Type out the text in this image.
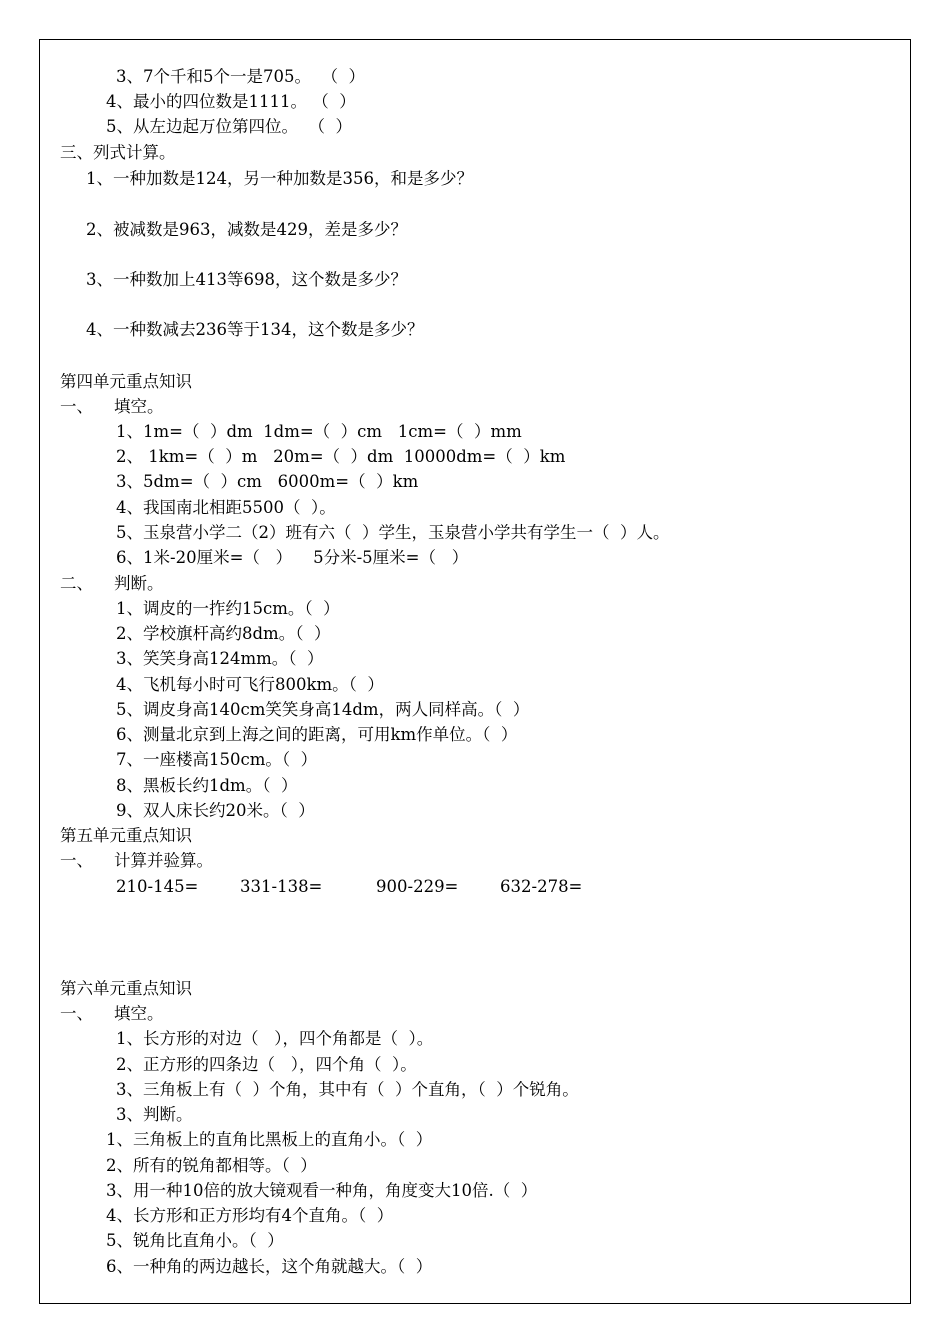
3、7个千和5个一是705。  （  ）
4、最小的四位数是1111。 （  ）
5、从左边起万位第四位。  （  ）
三、列式计算。
1、一种加数是124，另一种加数是356，和是多少？
2、被减数是963，减数是429，差是多少？
3、一种数加上413等698，这个数是多少？
4、一种数减去236等于134，这个数是多少？
第四单元重点知识
一、    填空。
1、1m=（  ）dm  1dm=（  ）cm   1cm=（  ）mm
2、 1km=（  ）m   20m=（  ）dm  10000dm=（  ）km
3、5dm=（  ）cm   6000m=（  ）km
4、我国南北相距5500（  ）。
5、玉泉营小学二（2）班有六（  ）学生，玉泉营小学共有学生一（  ）人。
6、1米-20厘米=（   ）    5分米-5厘米=（   ）
二、    判断。
1、调皮的一拃约15cm。（  ）
2、学校旗杆高约8dm。（  ）
3、笑笑身高124mm。（  ）
4、飞机每小时可飞行800km。（  ）
5、调皮身高140cm笑笑身高14dm，两人同样高。（  ）
6、测量北京到上海之间的距离，可用km作单位。（  ）
7、一座楼高150cm。（  ）
8、黑板长约1dm。（  ）
9、双人床长约20米。（  ）
第五单元重点知识
一、    计算并验算。
210-145=	331-138=	900-229=	632-278=
第六单元重点知识
一、    填空。
1、长方形的对边（   ），四个角都是（  ）。
2、正方形的四条边（   ），四个角（  ）。
3、三角板上有（  ）个角，其中有（  ）个直角，（  ）个锐角。
3、判断。
1、三角板上的直角比黑板上的直角小。（  ）
2、所有的锐角都相等。（  ）
3、用一种10倍的放大镜观看一种角，角度变大10倍.（  ）
4、长方形和正方形均有4个直角。（  ）
5、锐角比直角小。（  ）
6、一种角的两边越长，这个角就越大。（  ）
